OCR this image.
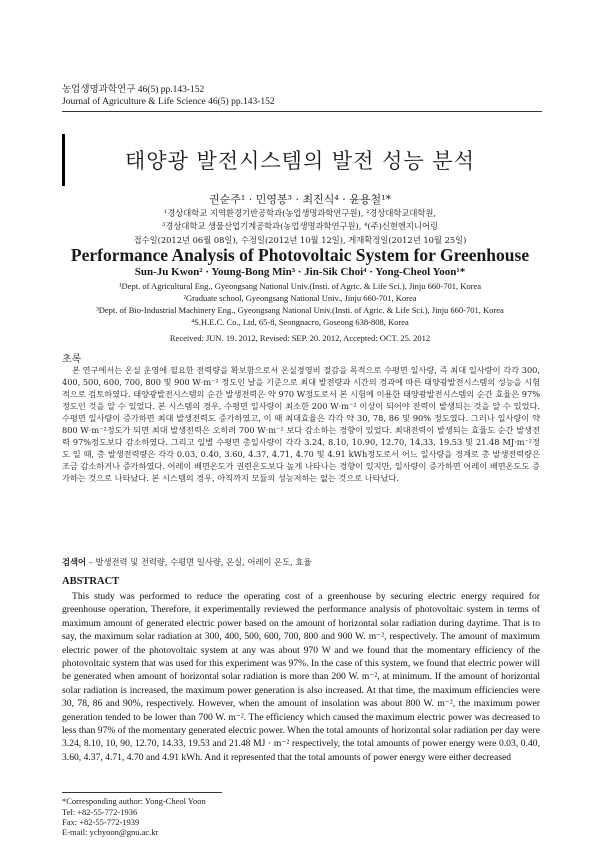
농업생명과학연구 46(5) pp.143-152
Journal of Agriculture & Life Science 46(5) pp.143-152
태양광 발전시스템의 발전 성능 분석
권순주¹ · 민영봉³ · 최진식⁴ · 윤용철¹*
¹경상대학교 지역환경기반공학과(농업생명과학연구원), ²경상대학교대학원,
³경상대학교 생물산업기계공학과(농업생명과학연구원), ⁴(주)신현엔지니어링
접수일(2012년 06월 08일), 수정일(2012년 10월 12일), 게재확정일(2012년 10월 25일)
Performance Analysis of Photovoltaic System for Greenhouse
Sun-Ju Kwon² · Young-Bong Min³ · Jin-Sik Choi⁴ · Yong-Cheol Yoon¹*
¹Dept. of Agricultural Eng., Gyeongsang National Univ.(Insti. of Agric. & Life Sci.), Jinju 660-701, Korea
²Graduate school, Gyeongsang National Univ., Jinju 660-701, Korea
³Dept. of Bio-Industrial Machinery Eng., Gyeongsang National Univ.(Insti. of Agric. & Life Sci.), Jinju 660-701, Korea
⁴S.H.E.C. Co., Ltd, 65-8, Seongnacro, Goseong 638-808, Korea
Received: JUN. 19. 2012, Revised: SEP. 20. 2012, Accepted: OCT. 25. 2012
초록
본 연구에서는 온실 운영에 필요한 전력량을 확보함으로서 온실경영비 절감을 목적으로 수평면 일사량, 즉 최대 일사량이 각각 300, 400, 500, 600, 700, 800 및 900 W·m⁻² 정도인 날을 기준으로 최대 발전량과 시간의 경과에 따른 태양광발전시스템의 성능을 시험적으로 검토하였다. 태양광발전시스템의 순간 발생전력은 약 970 W정도로서 본 시험에 이용한 태양광발전시스템의 순간 효율은 97% 정도인 것을 알 수 있었다. 본 시스템의 경우, 수평면 일사량이 최소한 200 W·m⁻² 이상이 되어야 전력이 발생되는 것을 알 수 있었다. 수평면 일사량이 증가하면 최대 발생전력도 증가하였고, 이 때 최대효율은 각각 약 30, 78, 86 및 90% 정도였다. 그러나 일사량이 약 800 W·m⁻²정도가 되면 최대 발생전력은 오히려 700 W·m⁻² 보다 감소하는 경향이 있었다. 최대전력이 발생되는 효율도 순간 발생전력 97%정도보다 감소하였다. 그리고 일별 수평면 총일사량이 각각 3.24, 8.10, 10.90, 12.70, 14.33, 19.53 및 21.48 MJ·m⁻²정도 일 때, 총 발생전력량은 각각 0.03, 0.40, 3.60, 4.37, 4.71, 4.70 및 4.91 kWh정도로서 어느 일사량을 경계로 총 발생전력량은 조금 감소하거나 증가하였다. 어레이 배면온도가 권련온도보다 높게 나타나는 경향이 있지만, 일사량이 증가하면 어레이 배면온도도 증가하는 것으로 나타났다. 본 시스템의 경우, 아직까지 모듈의 성능저하는 없는 것으로 나타났다.
검색어 – 발생전력 및 전력량, 수평면 일사량, 온실, 어레이 온도, 효율
ABSTRACT
This study was performed to reduce the operating cost of a greenhouse by securing electric energy required for greenhouse operation. Therefore, it experimentally reviewed the performance analysis of photovoltaic system in terms of maximum amount of generated electric power based on the amount of horizontal solar radiation during daytime. That is to say, the maximum solar radiation at 300, 400, 500, 600, 700, 800 and 900 W. m⁻², respectively. The amount of maximum electric power of the photovoltaic system at any was about 970 W and we found that the momentary efficiency of the photovoltaic system that was used for this experiment was 97%. In the case of this system, we found that electric power will be generated when amount of horizontal solar radiation is more than 200 W. m⁻², at minimum. If the amount of horizontal solar radiation is increased, the maximum power generation is also increased. At that time, the maximum efficiencies were 30, 78, 86 and 90%, respectively. However, when the amount of insolation was about 800 W. m⁻², the maximum power generation tended to be lower than 700 W. m⁻². The efficiency which caused the maximum electric power was decreased to less than 97% of the momentary generated electric power. When the total amounts of horizontal solar radiation per day were 3.24, 8.10, 10, 90, 12.70, 14.33, 19.53 and 21.48 MJ · m⁻² respectively, the total amounts of power energy were 0.03, 0.40, 3.60, 4.37, 4.71, 4.70 and 4.91 kWh. And it represented that the total amounts of power energy were either decreased
*Corresponding author: Yong-Cheol Yoon
Tel: +82-55-772-1936
Fax: +82-55-772-1939
E-mail: ychyoon@gnu.ac.kr
